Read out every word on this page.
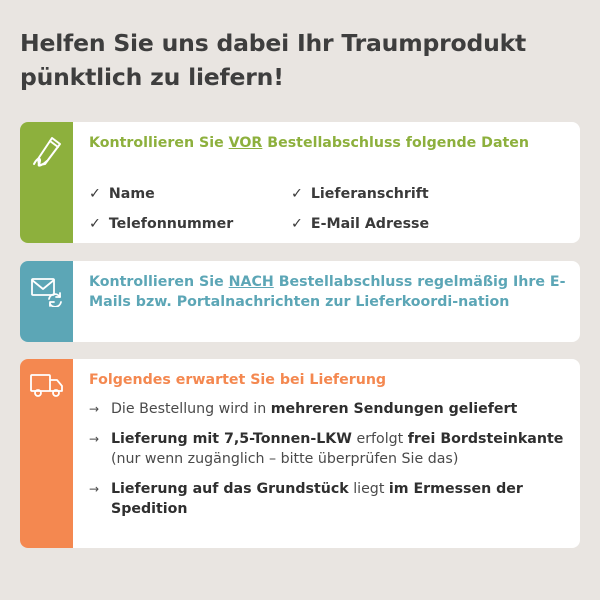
Helfen Sie uns dabei Ihr Traumprodukt
pünktlich zu liefern!
Kontrollieren Sie VOR Bestellabschluss folgende Daten
✓ Name	✓ Lieferanschrift
✓ Telefonnummer	✓ E-Mail Adresse
Kontrollieren Sie NACH Bestellabschluss regelmäßig Ihre E-Mails bzw. Portalnachrichten zur Lieferkoordi-nation
Folgendes erwartet Sie bei Lieferung
→ Die Bestellung wird in mehreren Sendungen geliefert
→ Lieferung mit 7,5-Tonnen-LKW erfolgt frei Bordsteinkante (nur wenn zugänglich – bitte überprüfen Sie das)
→ Lieferung auf das Grundstück liegt im Ermessen der Spedition
